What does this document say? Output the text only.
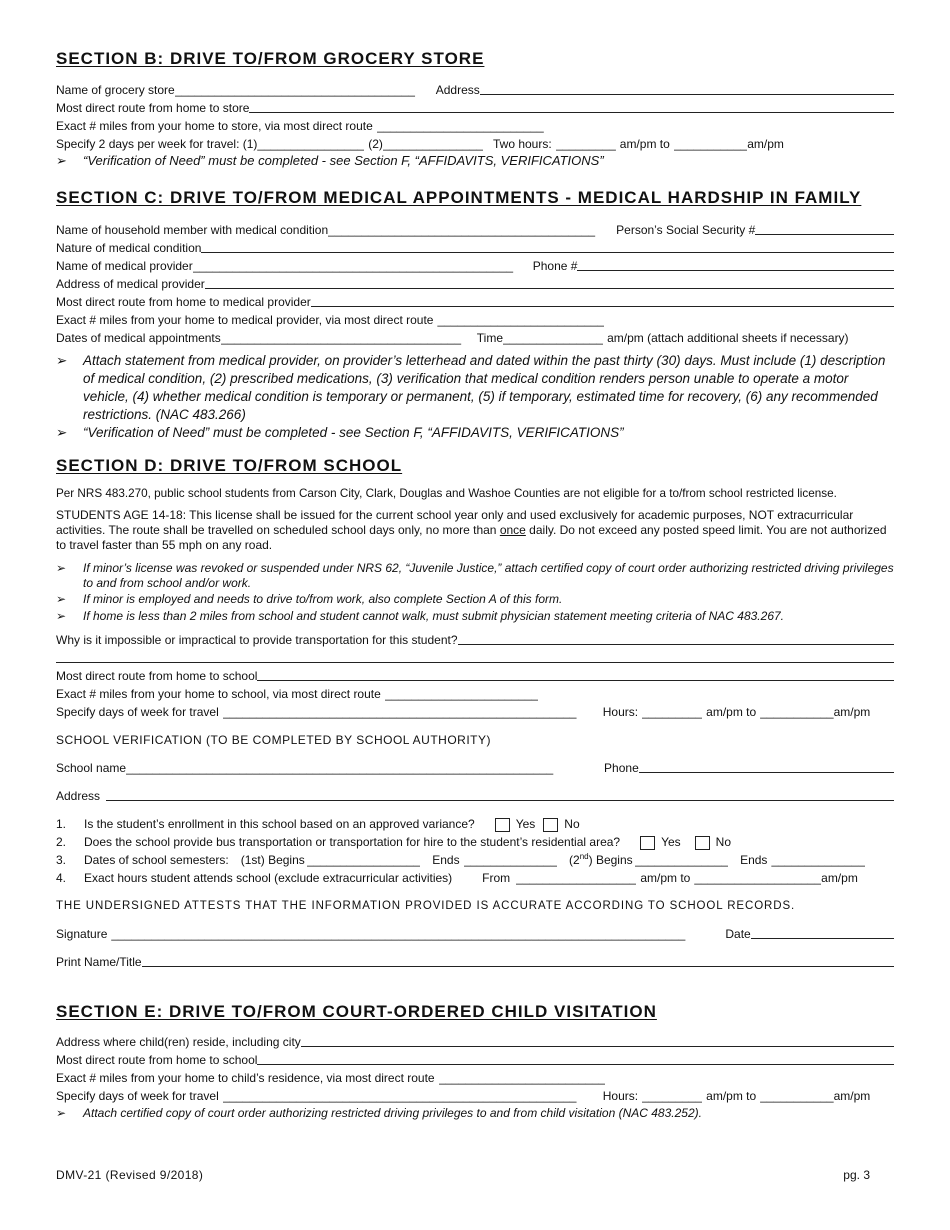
SECTION B: DRIVE TO/FROM GROCERY STORE
Name of grocery store ____________________________________	Address
Most direct route from home to store
Exact # miles from your home to store, via most direct route _________________________
Specify 2 days per week for travel: (1) ________________ (2) _______________ Two hours: _________ am/pm to ___________ am/pm
➢	“Verification of Need” must be completed - see Section F, “AFFIDAVITS, VERIFICATIONS”
SECTION C: DRIVE TO/FROM MEDICAL APPOINTMENTS - MEDICAL HARDSHIP IN FAMILY
Name of household member with medical condition ________________________________________	Person’s Social Security #
Nature of medical condition
Name of medical provider ________________________________________________	Phone #
Address of medical provider
Most direct route from home to medical provider
Exact # miles from your home to medical provider, via most direct route _________________________
Dates of medical appointments ____________________________________	Time _______________ am/pm (attach additional sheets if necessary)
➢	Attach statement from medical provider, on provider’s letterhead and dated within the past thirty (30) days. Must include (1) description of medical condition, (2) prescribed medications, (3) verification that medical condition renders person unable to operate a motor vehicle, (4) whether medical condition is temporary or permanent, (5) if temporary, estimated time for recovery, (6) any recommended restrictions. (NAC 483.266)
➢	“Verification of Need” must be completed - see Section F, “AFFIDAVITS, VERIFICATIONS”
SECTION D: DRIVE TO/FROM SCHOOL
Per NRS 483.270, public school students from Carson City, Clark, Douglas and Washoe Counties are not eligible for a to/from school restricted license.
STUDENTS AGE 14-18: This license shall be issued for the current school year only and used exclusively for academic purposes, NOT extracurricular activities. The route shall be travelled on scheduled school days only, no more than once daily. Do not exceed any posted speed limit. You are not authorized to travel faster than 55 mph on any road.
➢	If minor’s license was revoked or suspended under NRS 62, “Juvenile Justice,” attach certified copy of court order authorizing restricted driving privileges to and from school and/or work.
➢	If minor is employed and needs to drive to/from work, also complete Section A of this form.
➢	If home is less than 2 miles from school and student cannot walk, must submit physician statement meeting criteria of NAC 483.267.
Why is it impossible or impractical to provide transportation for this student?
Most direct route from home to school
Exact # miles from your home to school, via most direct route _______________________
Specify days of week for travel _____________________________________________________	Hours: _________ am/pm to ___________ am/pm
SCHOOL VERIFICATION (TO BE COMPLETED BY SCHOOL AUTHORITY)
School name ________________________________________________________________	Phone
Address
1.	Is the student’s enrollment in this school based on an approved variance?	Yes No
2.	Does the school provide bus transportation or transportation for hire to the student’s residential area?	Yes	No
3.	Dates of school semesters: (1st) Begins _________________ Ends ______________ (2nd) Begins ______________ Ends ______________
4.	Exact hours student attends school (exclude extracurricular activities)	From __________________ am/pm to ___________________ am/pm
THE UNDERSIGNED ATTESTS THAT THE INFORMATION PROVIDED IS ACCURATE ACCORDING TO SCHOOL RECORDS.
Signature ______________________________________________________________________________________	Date
Print Name/Title
SECTION E: DRIVE TO/FROM COURT-ORDERED CHILD VISITATION
Address where child(ren) reside, including city
Most direct route from home to school
Exact # miles from your home to child’s residence, via most direct route _________________________
Specify days of week for travel _____________________________________________________	Hours: _________ am/pm to ___________ am/pm
➢	Attach certified copy of court order authorizing restricted driving privileges to and from child visitation (NAC 483.252).
DMV-21 (Revised 9/2018)	pg. 3
